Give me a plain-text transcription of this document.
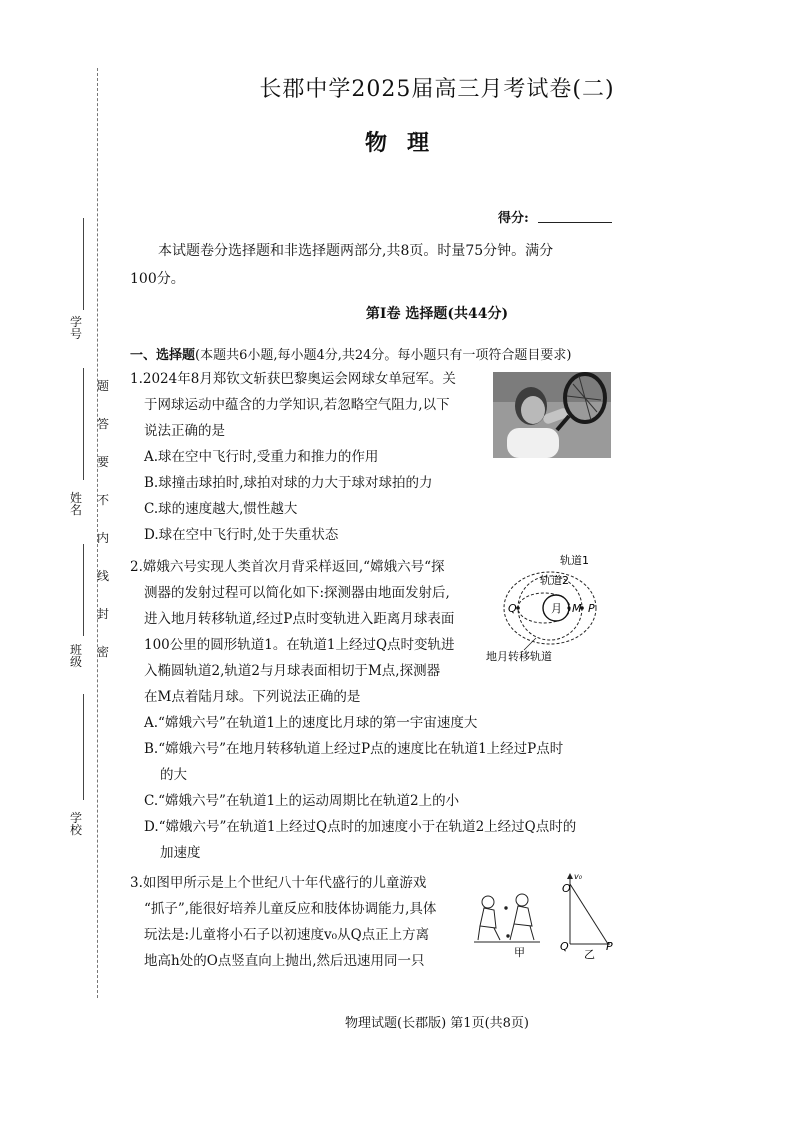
学号
姓名
班级
学校
题
答
要
不
内
线
封
密
长郡中学2025届高三月考试卷(二)
物理
得分:
本试题卷分选择题和非选择题两部分,共8页。时量75分钟。满分
100分。
第Ⅰ卷 选择题(共44分)
一、选择题(本题共6小题,每小题4分,共24分。每小题只有一项符合题目要求)
1.2024年8月郑钦文斩获巴黎奥运会网球女单冠军。关
于网球运动中蕴含的力学知识,若忽略空气阻力,以下
说法正确的是
A.球在空中飞行时,受重力和推力的作用
B.球撞击球拍时,球拍对球的力大于球对球拍的力
C.球的速度越大,惯性越大
D.球在空中飞行时,处于失重状态
2.嫦娥六号实现人类首次月背采样返回,“嫦娥六号“探
测器的发射过程可以简化如下:探测器由地面发射后,
进入地月转移轨道,经过P点时变轨进入距离月球表面
100公里的圆形轨道1。在轨道1上经过Q点时变轨进
入椭圆轨道2,轨道2与月球表面相切于M点,探测器
在M点着陆月球。下列说法正确的是
A.“嫦娥六号”在轨道1上的速度比月球的第一宇宙速度大
B.“嫦娥六号”在地月转移轨道上经过P点的速度比在轨道1上经过P点时
的大
C.“嫦娥六号”在轨道1上的运动周期比在轨道2上的小
D.“嫦娥六号”在轨道1上经过Q点时的加速度小于在轨道2上经过Q点时的
加速度
轨道1
轨道2
月
Q	P
M
地月转移轨道
3.如图甲所示是上个世纪八十年代盛行的儿童游戏
“抓子”,能很好培养儿童反应和肢体协调能力,具体
玩法是:儿童将小石子以初速度v₀从Q点正上方离
地高h处的O点竖直向上抛出,然后迅速用同一只
甲
v₀
O
Q	P
乙
物理试题(长郡版) 第1页(共8页)
